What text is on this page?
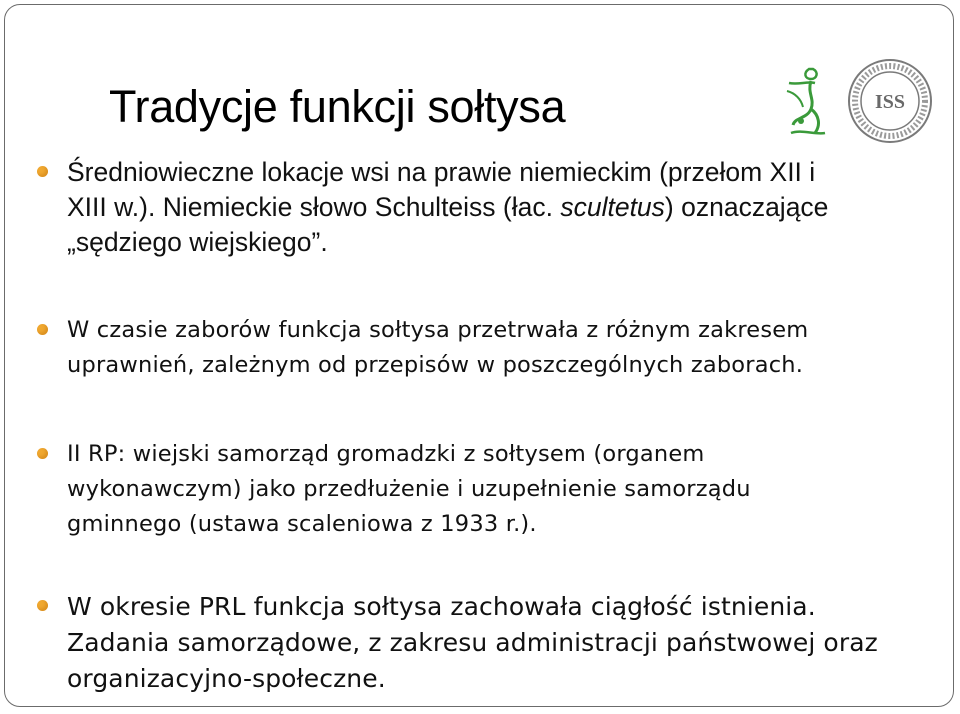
Tradycje funkcji sołtysa	ISS
Średniowieczne lokacje wsi na prawie niemieckim (przełom XII i
XIII w.). Niemieckie słowo Schulteiss (łac. scultetus) oznaczające
„sędziego wiejskiego”.
W czasie zaborów funkcja sołtysa przetrwała z różnym zakresem
uprawnień, zależnym od przepisów w poszczególnych zaborach.
II RP: wiejski samorząd gromadzki z sołtysem (organem
wykonawczym) jako przedłużenie i uzupełnienie samorządu
gminnego (ustawa scaleniowa z 1933 r.).
W okresie PRL funkcja sołtysa zachowała ciągłość istnienia.
Zadania samorządowe, z zakresu administracji państwowej oraz
organizacyjno-społeczne.
